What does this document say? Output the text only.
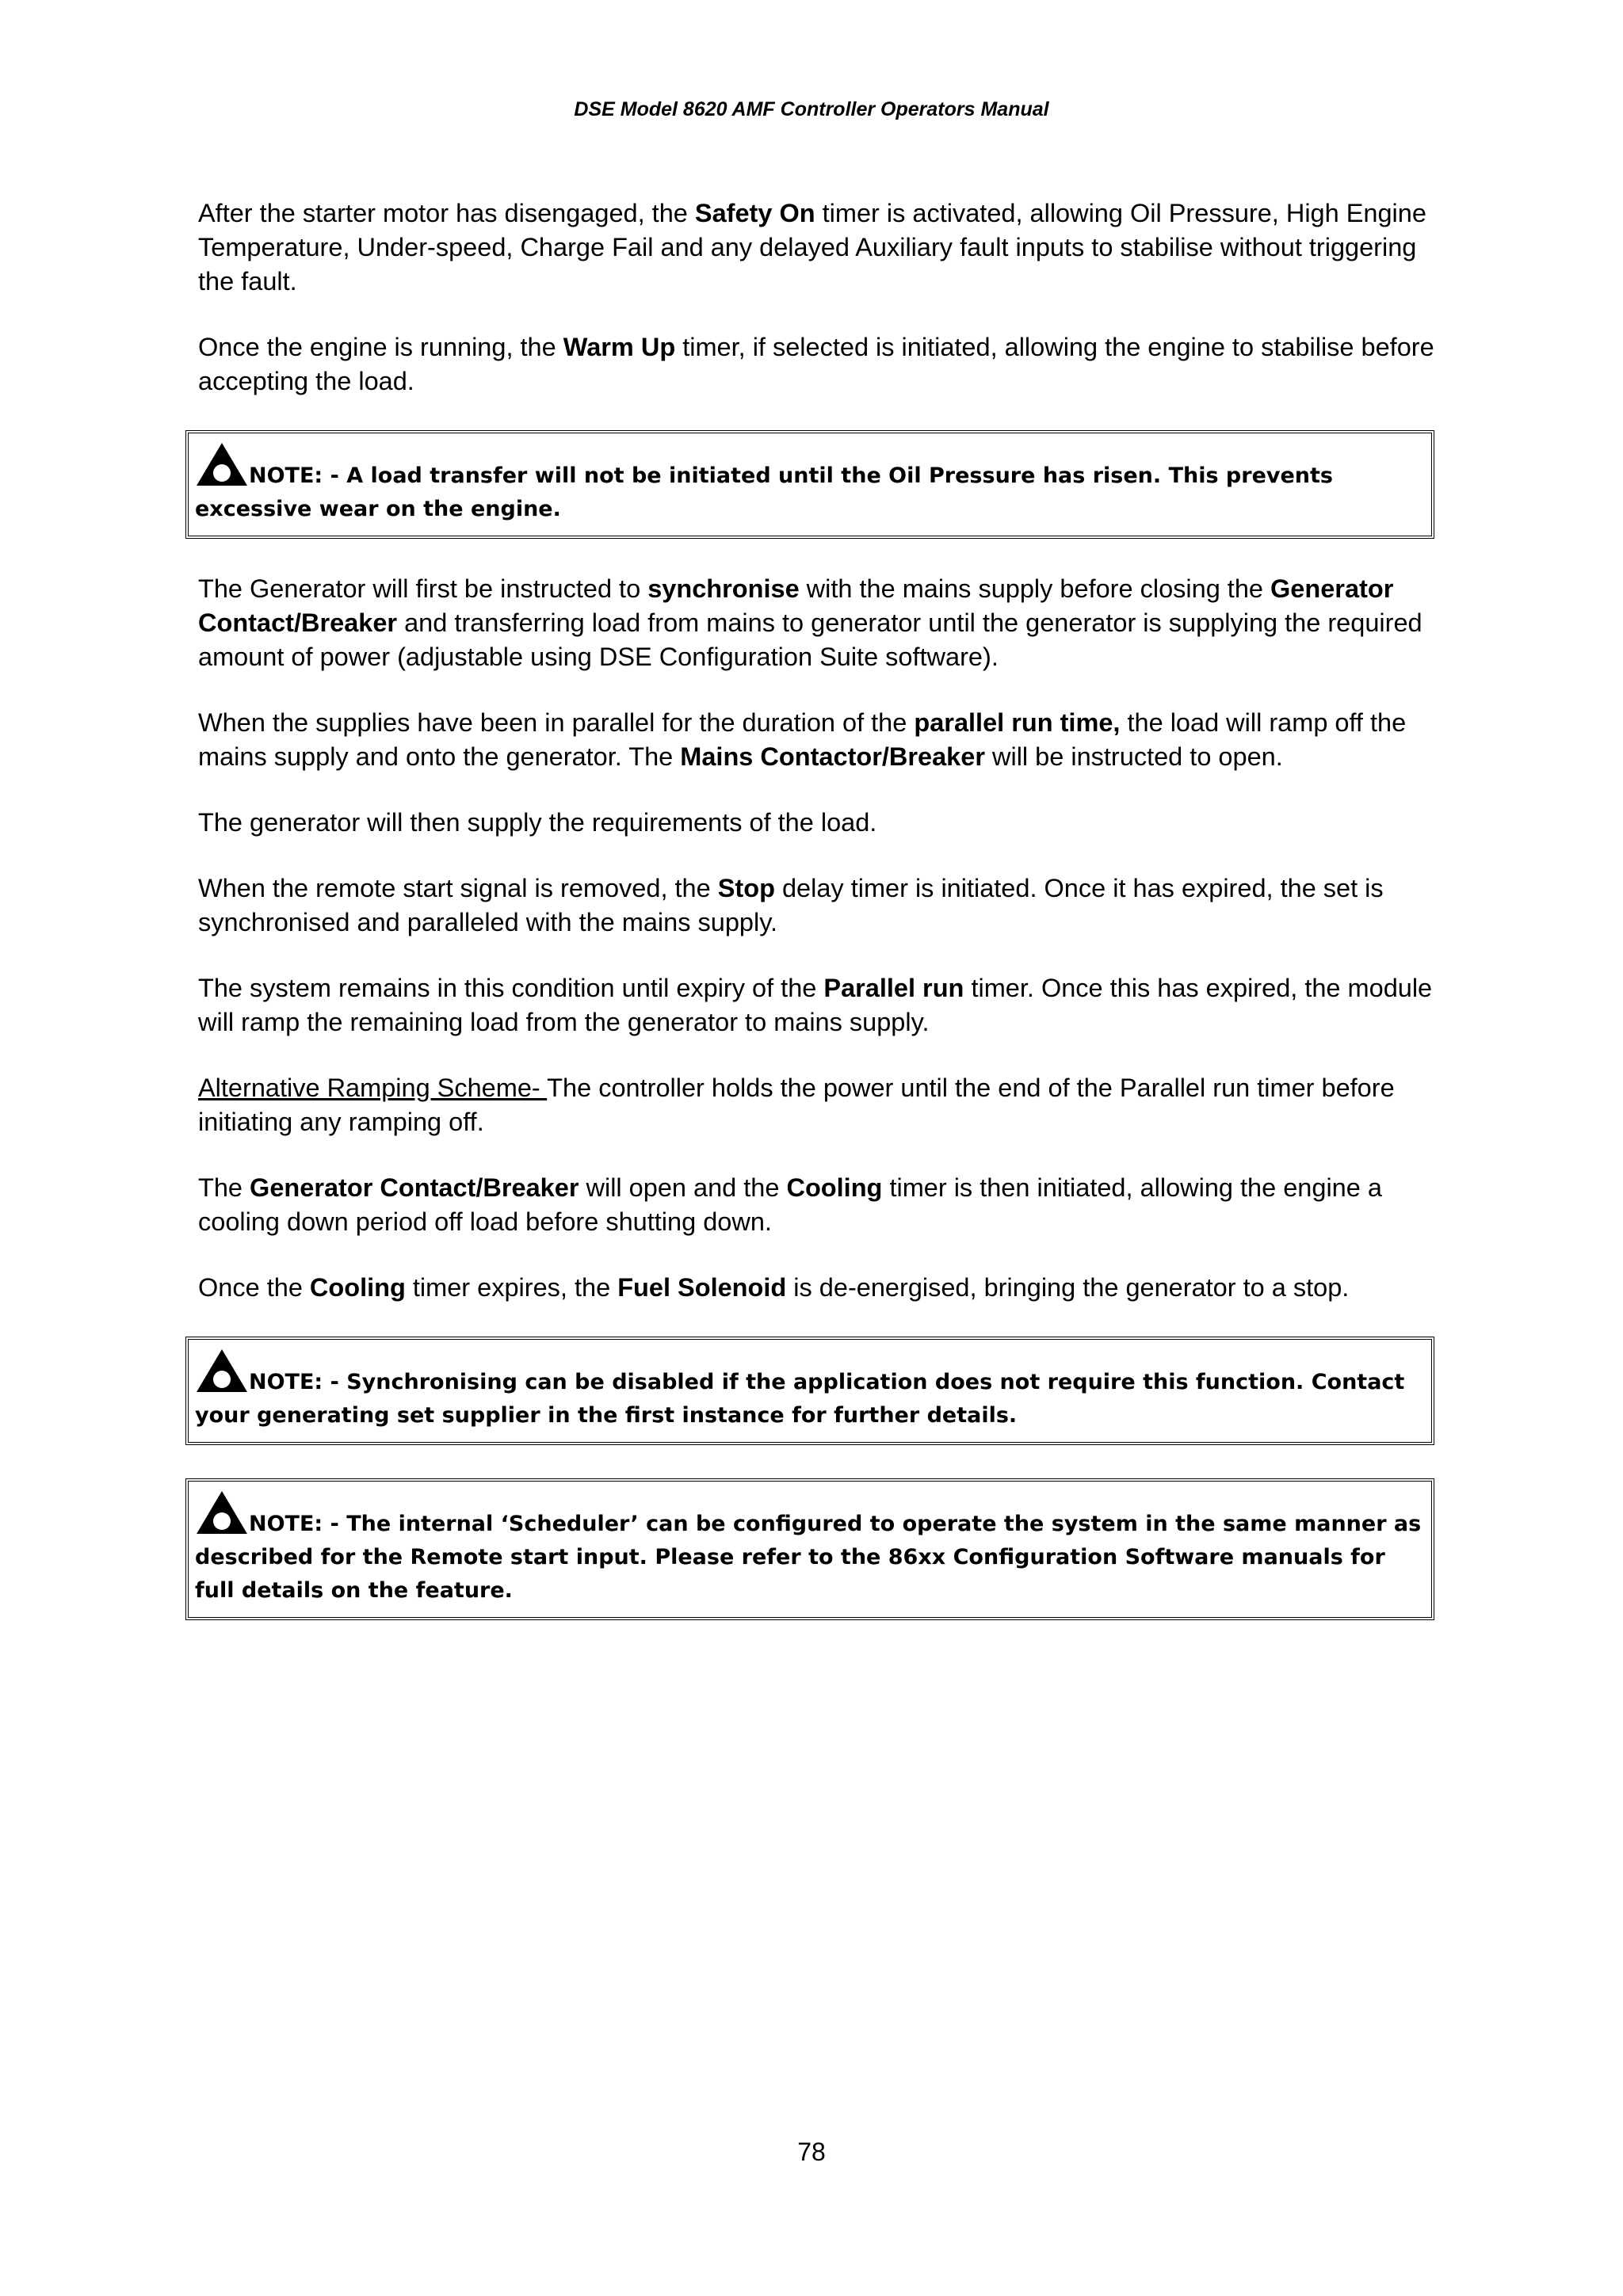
DSE Model 8620 AMF Controller Operators Manual

After the starter motor has disengaged, the Safety On timer is activated, allowing Oil Pressure, High Engine Temperature, Under-speed, Charge Fail and any delayed Auxiliary fault inputs to stabilise without triggering the fault.

Once the engine is running, the Warm Up timer, if selected is initiated, allowing the engine to stabilise before accepting the load.

NOTE: - A load transfer will not be initiated until the Oil Pressure has risen. This prevents excessive wear on the engine.

The Generator will first be instructed to synchronise with the mains supply before closing the Generator Contact/Breaker and transferring load from mains to generator until the generator is supplying the required amount of power (adjustable using DSE Configuration Suite software).

When the supplies have been in parallel for the duration of the parallel run time, the load will ramp off the mains supply and onto the generator. The Mains Contactor/Breaker will be instructed to open.

The generator will then supply the requirements of the load.

When the remote start signal is removed, the Stop delay timer is initiated. Once it has expired, the set is synchronised and paralleled with the mains supply.

The system remains in this condition until expiry of the Parallel run timer. Once this has expired, the module will ramp the remaining load from the generator to mains supply.

Alternative Ramping Scheme- The controller holds the power until the end of the Parallel run timer before initiating any ramping off.

The Generator Contact/Breaker will open and the Cooling timer is then initiated, allowing the engine a cooling down period off load before shutting down.

Once the Cooling timer expires, the Fuel Solenoid is de-energised, bringing the generator to a stop.

NOTE: - Synchronising can be disabled if the application does not require this function. Contact your generating set supplier in the first instance for further details.
NOTE: - The internal ‘Scheduler’ can be configured to operate the system in the same manner as described for the Remote start input. Please refer to the 86xx Configuration Software manuals for full details on the feature.
78
